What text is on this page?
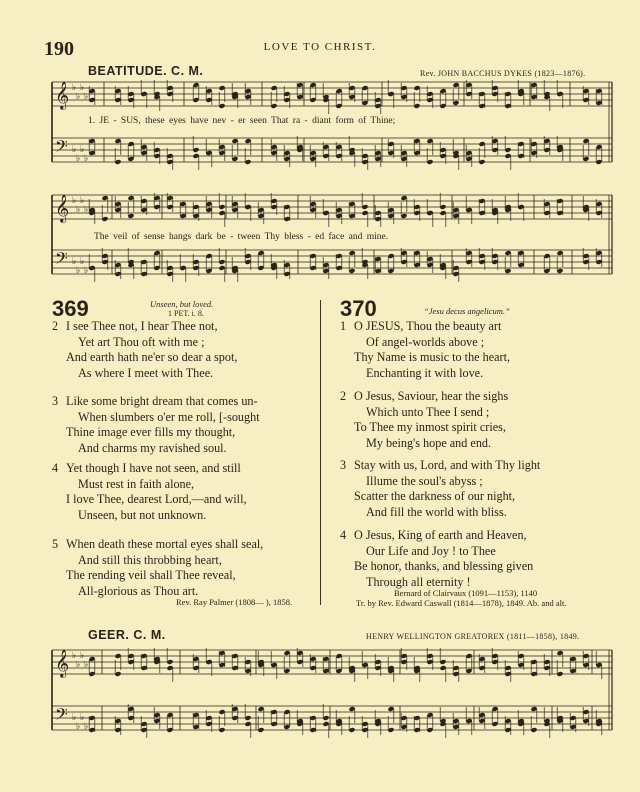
190	LOVE TO CHRIST.
BEATITUDE. C. M.	Rev. JOHN BACCHUS DYKES (1823—1876).
𝄞
𝄢
♭
♭
♭
♭
♭
♭
♭
♭
𝄞
𝄢
♭
♭
♭
♭
♭
♭
♭
♭
𝄞
𝄢
♭
♭
♭
♭
♭
♭
♭
♭
1. JE - SUS, these eyes have nev - er seen That ra - diant form of Thine;
The veil of sense hangs dark be - tween Thy bless - ed face and mine.
369	Unseen, but loved.
1 PET. i. 8.
2 I see Thee not, I hear Thee not,
Yet art Thou oft with me ;
And earth hath ne'er so dear a spot,
As where I meet with Thee.
3 Like some bright dream that comes un-
When slumbers o'er me roll, [-sought
Thine image ever fills my thought,
And charms my ravished soul.
4 Yet though I have not seen, and still
Must rest in faith alone,
I love Thee, dearest Lord,—and will,
Unseen, but not unknown.
5 When death these mortal eyes shall seal,
And still this throbbing heart,
The rending veil shall Thee reveal,
All-glorious as Thou art.
Rev. Ray Palmer (1808— ), 1858.
370	“Jesu decus angelicum.”
1 O JESUS, Thou the beauty art
Of angel-worlds above ;
Thy Name is music to the heart,
Enchanting it with love.
2 O Jesus, Saviour, hear the sighs
Which unto Thee I send ;
To Thee my inmost spirit cries,
My being's hope and end.
3 Stay with us, Lord, and with Thy light
Illume the soul's abyss ;
Scatter the darkness of our night,
And fill the world with bliss.
4 O Jesus, King of earth and Heaven,
Our Life and Joy ! to Thee
Be honor, thanks, and blessing given
Through all eternity !
Bernard of Clairvaux (1091—1153), 1140
Tr. by Rev. Edward Caswall (1814—1878), 1849. Ab. and alt.
GEER. C. M.	HENRY WELLINGTON GREATOREX (1811—1858), 1849.
